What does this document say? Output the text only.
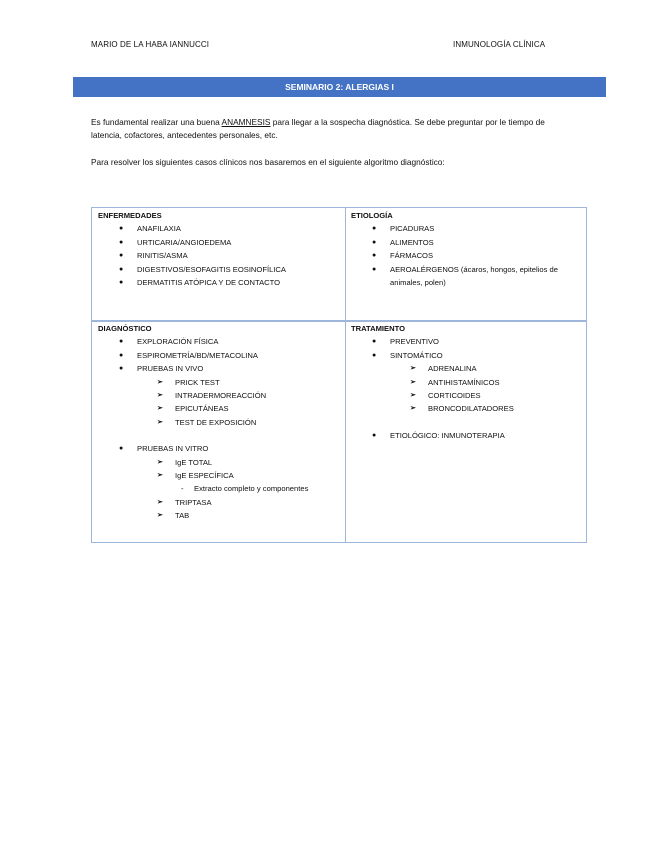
MARIO DE LA HABA IANNUCCI	INMUNOLOGÍA CLÍNICA
SEMINARIO 2: ALERGIAS I
Es fundamental realizar una buena ANAMNESIS para llegar a la sospecha diagnóstica. Se debe preguntar por le tiempo de latencia, cofactores, antecedentes personales, etc.
Para resolver los siguientes casos clínicos nos basaremos en el siguiente algoritmo diagnóstico:
ENFERMEDADES
● ANAFILAXIA
● URTICARIA/ANGIOEDEMA
● RINITIS/ASMA
● DIGESTIVOS/ESOFAGITIS EOSINOFÍLICA
● DERMATITIS ATÓPICA Y DE CONTACTO
ETIOLOGÍA
● PICADURAS
● ALIMENTOS
● FÁRMACOS
● AEROALÉRGENOS (ácaros, hongos, epitelios de animales, polen)
DIAGNÓSTICO
● EXPLORACIÓN FÍSICA
● ESPIROMETRÍA/BD/METACOLINA
● PRUEBAS IN VIVO
➢ PRICK TEST
➢ INTRADERMOREACCIÓN
➢ EPICUTÁNEAS
➢ TEST DE EXPOSICIÓN
● PRUEBAS IN VITRO
➢ IgE TOTAL
➢ IgE ESPECÍFICA
- Extracto completo y componentes
➢ TRIPTASA
➢ TAB
TRATAMIENTO
● PREVENTIVO
● SINTOMÁTICO
➢ ADRENALINA
➢ ANTIHISTAMÍNICOS
➢ CORTICOIDES
➢ BRONCODILATADORES
● ETIOLÓGICO: INMUNOTERAPIA
